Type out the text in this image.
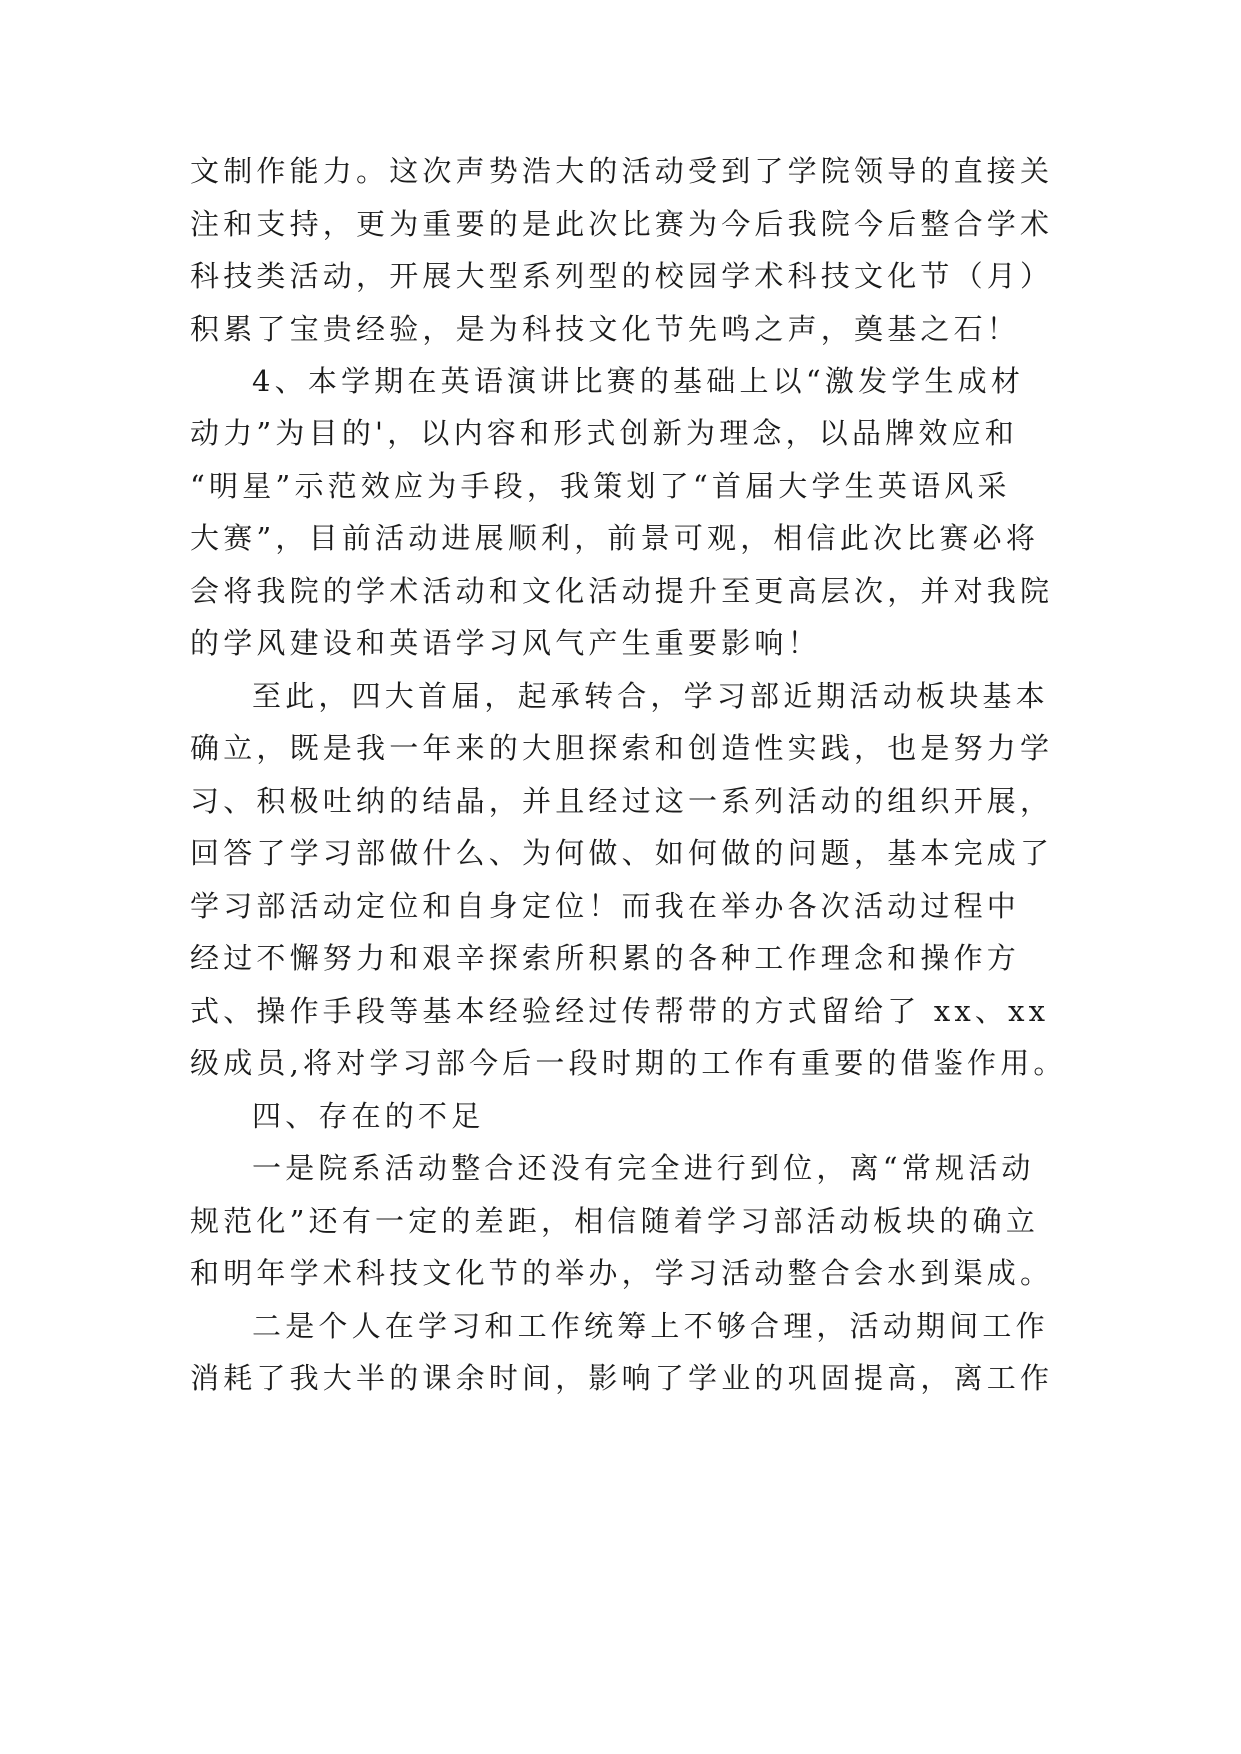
文制作能力。这次声势浩大的活动受到了学院领导的直接关
注和支持，更为重要的是此次比赛为今后我院今后整合学术
科技类活动，开展大型系列型的校园学术科技文化节（月）
积累了宝贵经验，是为科技文化节先鸣之声，奠基之石！
4、本学期在英语演讲比赛的基础上以“激发学生成材
动力”为目的'，以内容和形式创新为理念，以品牌效应和
“明星”示范效应为手段，我策划了“首届大学生英语风采
大赛”，目前活动进展顺利，前景可观，相信此次比赛必将
会将我院的学术活动和文化活动提升至更高层次，并对我院
的学风建设和英语学习风气产生重要影响！
至此，四大首届，起承转合，学习部近期活动板块基本
确立，既是我一年来的大胆探索和创造性实践，也是努力学
习、积极吐纳的结晶，并且经过这一系列活动的组织开展，
回答了学习部做什么、为何做、如何做的问题，基本完成了
学习部活动定位和自身定位！而我在举办各次活动过程中
经过不懈努力和艰辛探索所积累的各种工作理念和操作方
式、操作手段等基本经验经过传帮带的方式留给了 xx、xx
级成员,将对学习部今后一段时期的工作有重要的借鉴作用。
四、存在的不足
一是院系活动整合还没有完全进行到位，离“常规活动
规范化”还有一定的差距，相信随着学习部活动板块的确立
和明年学术科技文化节的举办，学习活动整合会水到渠成。
二是个人在学习和工作统筹上不够合理，活动期间工作
消耗了我大半的课余时间，影响了学业的巩固提高，离工作
